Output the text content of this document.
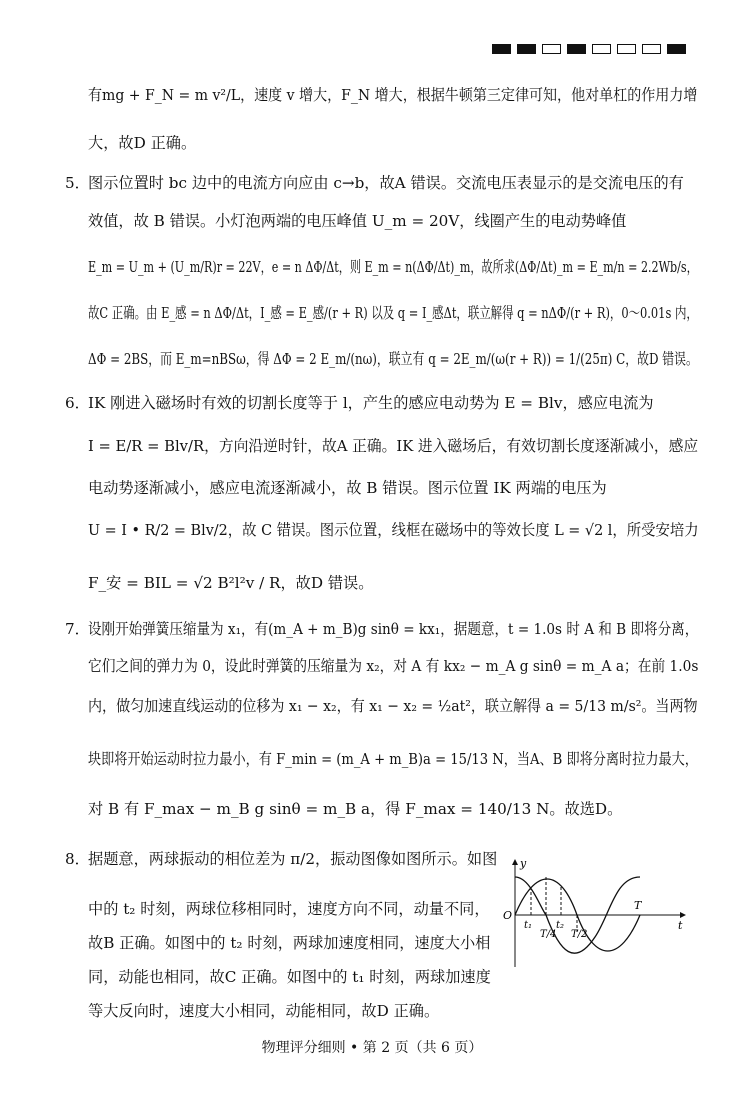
有mg + F_N = m v²/L，速度 v 增大，F_N 增大，根据牛顿第三定律可知，他对单杠的作用力增
大，故D 正确。
5．
图示位置时 bc 边中的电流方向应由 c→b，故A 错误。交流电压表显示的是交流电压的有
效值，故 B 错误。小灯泡两端的电压峰值 U_m = 20V，线圈产生的电动势峰值
E_m = U_m + (U_m/R)r = 22V，e = n ΔΦ/Δt，则 E_m = n(ΔΦ/Δt)_m，故所求(ΔΦ/Δt)_m = E_m/n = 2.2Wb/s，
故C 正确。由 E_感 = n ΔΦ/Δt，I_感 = E_感/(r + R) 以及 q = I_感Δt，联立解得 q = nΔΦ/(r + R)，0～0.01s 内，
ΔΦ = 2BS，而 E_m=nBSω，得 ΔΦ = 2 E_m/(nω)，联立有 q = 2E_m/(ω(r + R)) = 1/(25π) C，故D 错误。
6．
IK 刚进入磁场时有效的切割长度等于 l，产生的感应电动势为 E = Blv，感应电流为
I = E/R = Blv/R，方向沿逆时针，故A 正确。IK 进入磁场后，有效切割长度逐渐减小，感应
电动势逐渐减小，感应电流逐渐减小，故 B 错误。图示位置 IK 两端的电压为
U = I • R/2 = Blv/2，故 C 错误。图示位置，线框在磁场中的等效长度 L = √2 l，所受安培力
F_安 = BIL = √2 B²l²v / R，故D 错误。
7．
设刚开始弹簧压缩量为 x₁，有(m_A + m_B)g sinθ = kx₁，据题意，t = 1.0s 时 A 和 B 即将分离，
它们之间的弹力为 0，设此时弹簧的压缩量为 x₂，对 A 有 kx₂ − m_A g sinθ = m_A a；在前 1.0s
内，做匀加速直线运动的位移为 x₁ − x₂，有 x₁ − x₂ = ½at²，联立解得 a = 5/13 m/s²。当两物
块即将开始运动时拉力最小，有 F_min = (m_A + m_B)a = 15/13 N，当A、B 即将分离时拉力最大，
对 B 有 F_max − m_B g sinθ = m_B a，得 F_max = 140/13 N。故选D。
8．
据题意，两球振动的相位差为 π/2，振动图像如图所示。如图
中的 t₂ 时刻，两球位移相同时，速度方向不同，动量不同，
故B 正确。如图中的 t₂ 时刻，两球加速度相同，速度大小相
同，动能也相同，故C 正确。如图中的 t₁ 时刻，两球加速度
等大反向时，速度大小相同，动能相同，故D 正确。
y
t
O
t₁ t₂
T/4 T/2
T
物理评分细则 • 第 2 页（共 6 页）
